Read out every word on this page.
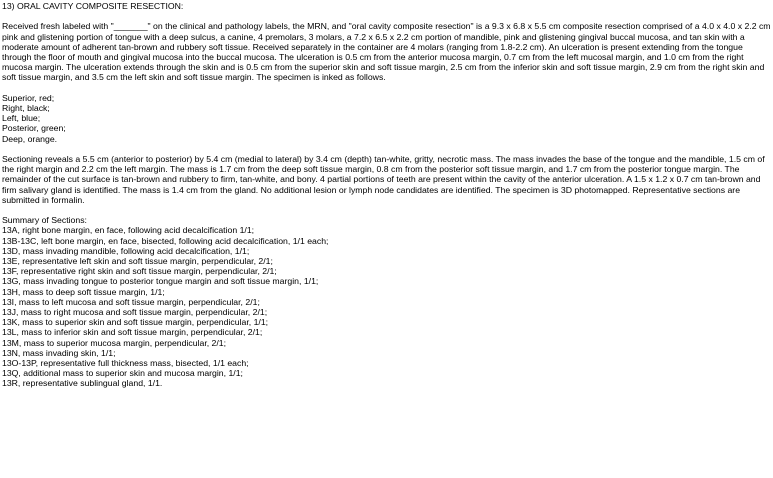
13) ORAL CAVITY COMPOSITE RESECTION:

Received fresh labeled with "_______" on the clinical and pathology labels, the MRN, and "oral cavity composite resection" is a 9.3 x 6.8 x 5.5 cm composite resection comprised of a 4.0 x 4.0 x 2.2 cm pink and glistening portion of tongue with a deep sulcus, a canine, 4 premolars, 3 molars, a 7.2 x 6.5 x 2.2 cm portion of mandible, pink and glistening gingival buccal mucosa, and tan skin with a moderate amount of adherent tan-brown and rubbery soft tissue. Received separately in the container are 4 molars (ranging from 1.8-2.2 cm). An ulceration is present extending from the tongue through the floor of mouth and gingival mucosa into the buccal mucosa. The ulceration is 0.5 cm from the anterior mucosa margin, 0.7 cm from the left mucosal margin, and 1.0 cm from the right mucosa margin. The ulceration extends through the skin and is 0.5 cm from the superior skin and soft tissue margin, 2.5 cm from the inferior skin and soft tissue margin, 2.9 cm from the right skin and soft tissue margin, and 3.5 cm the left skin and soft tissue margin. The specimen is inked as follows.

Superior, red;
Right, black;
Left, blue;
Posterior, green;
Deep, orange.

Sectioning reveals a 5.5 cm (anterior to posterior) by 5.4 cm (medial to lateral) by 3.4 cm (depth) tan-white, gritty, necrotic mass. The mass invades the base of the tongue and the mandible, 1.5 cm of the right margin and 2.2 cm the left margin. The mass is 1.7 cm from the deep soft tissue margin, 0.8 cm from the posterior soft tissue margin, and 1.7 cm from the posterior tongue margin. The remainder of the cut surface is tan-brown and rubbery to firm, tan-white, and bony. 4 partial portions of teeth are present within the cavity of the anterior ulceration. A 1.5 x 1.2 x 0.7 cm tan-brown and firm salivary gland is identified. The mass is 1.4 cm from the gland. No additional lesion or lymph node candidates are identified. The specimen is 3D photomapped. Representative sections are submitted in formalin.

Summary of Sections:
13A, right bone margin, en face, following acid decalcification 1/1;
13B-13C, left bone margin, en face, bisected, following acid decalcification, 1/1 each;
13D, mass invading mandible, following acid decalcification, 1/1;
13E, representative left skin and soft tissue margin, perpendicular, 2/1;
13F, representative right skin and soft tissue margin, perpendicular, 2/1;
13G, mass invading tongue to posterior tongue margin and soft tissue margin, 1/1;
13H, mass to deep soft tissue margin, 1/1;
13I, mass to left mucosa and soft tissue margin, perpendicular, 2/1;
13J, mass to right mucosa and soft tissue margin, perpendicular, 2/1;
13K, mass to superior skin and soft tissue margin, perpendicular, 1/1;
13L, mass to inferior skin and soft tissue margin, perpendicular, 2/1;
13M, mass to superior mucosa margin, perpendicular, 2/1;
13N, mass invading skin, 1/1;
13O-13P, representative full thickness mass, bisected, 1/1 each;
13Q, additional mass to superior skin and mucosa margin, 1/1;
13R, representative sublingual gland, 1/1.
